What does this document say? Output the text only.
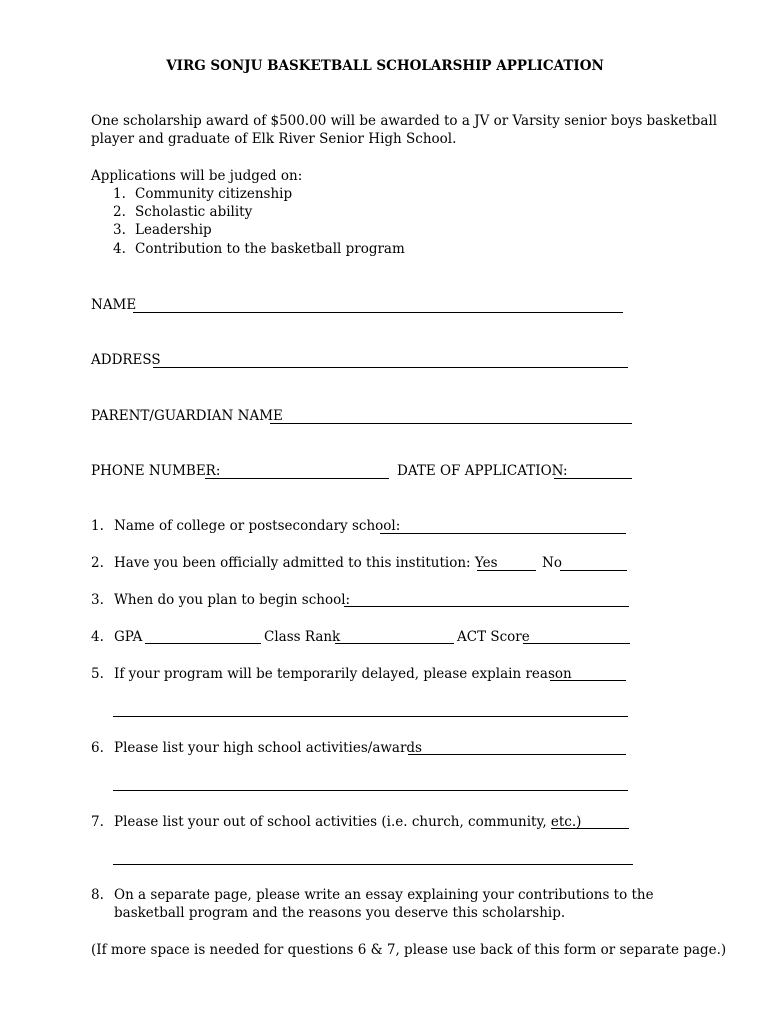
VIRG SONJU BASKETBALL SCHOLARSHIP APPLICATION
One scholarship award of $500.00 will be awarded to a JV or Varsity senior boys basketball
player and graduate of Elk River Senior High School.
Applications will be judged on:
1. Community citizenship
2. Scholastic ability
3. Leadership
4. Contribution to the basketball program
NAME
ADDRESS
PARENT/GUARDIAN NAME
PHONE NUMBER:	DATE OF APPLICATION:
1. Name of college or postsecondary school:
2. Have you been officially admitted to this institution: Yes	No
3. When do you plan to begin school:
4. GPA	Class Rank	ACT Score
5. If your program will be temporarily delayed, please explain reason
6. Please list your high school activities/awards
7. Please list your out of school activities (i.e. church, community, etc.)
8. On a separate page, please write an essay explaining your contributions to the
basketball program and the reasons you deserve this scholarship.
(If more space is needed for questions 6 & 7, please use back of this form or separate page.)
